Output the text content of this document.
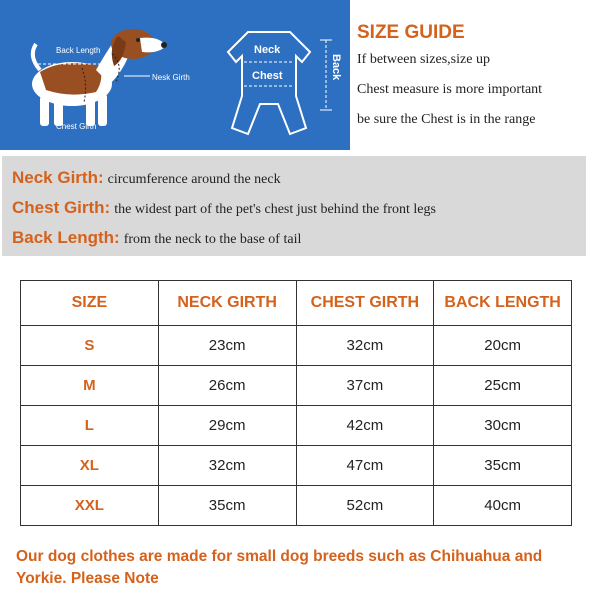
Back Length
Nesk Girth
Chest Girth
Neck
Chest	Back
SIZE GUIDE
If between sizes,size up
Chest measure is more important
be sure the Chest is in the range
Neck Girth: circumference around the neck
Chest Girth: the widest part of the pet's chest just behind the front legs
Back Length: from the neck to the base of tail
SIZE	NECK GIRTH	CHEST GIRTH	BACK LENGTH
S	23cm	32cm	20cm
M	26cm	37cm	25cm
L	29cm	42cm	30cm
XL	32cm	47cm	35cm
XXL	35cm	52cm	40cm
Our dog clothes are made for small dog breeds such as Chihuahua and Yorkie. Please Note
